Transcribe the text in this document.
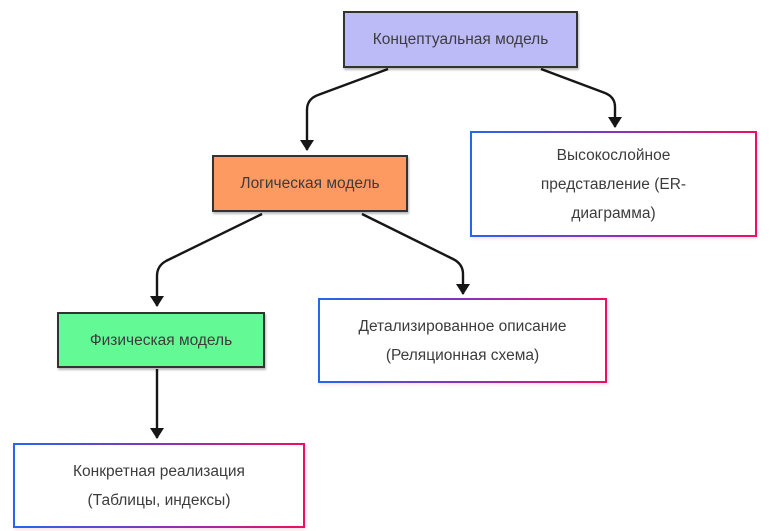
Концептуальная модель
Логическая модель
Высокослойное
представление (ER-
диаграмма)
Физическая модель
Детализированное описание
(Реляционная схема)
Конкретная реализация
(Таблицы, индексы)
